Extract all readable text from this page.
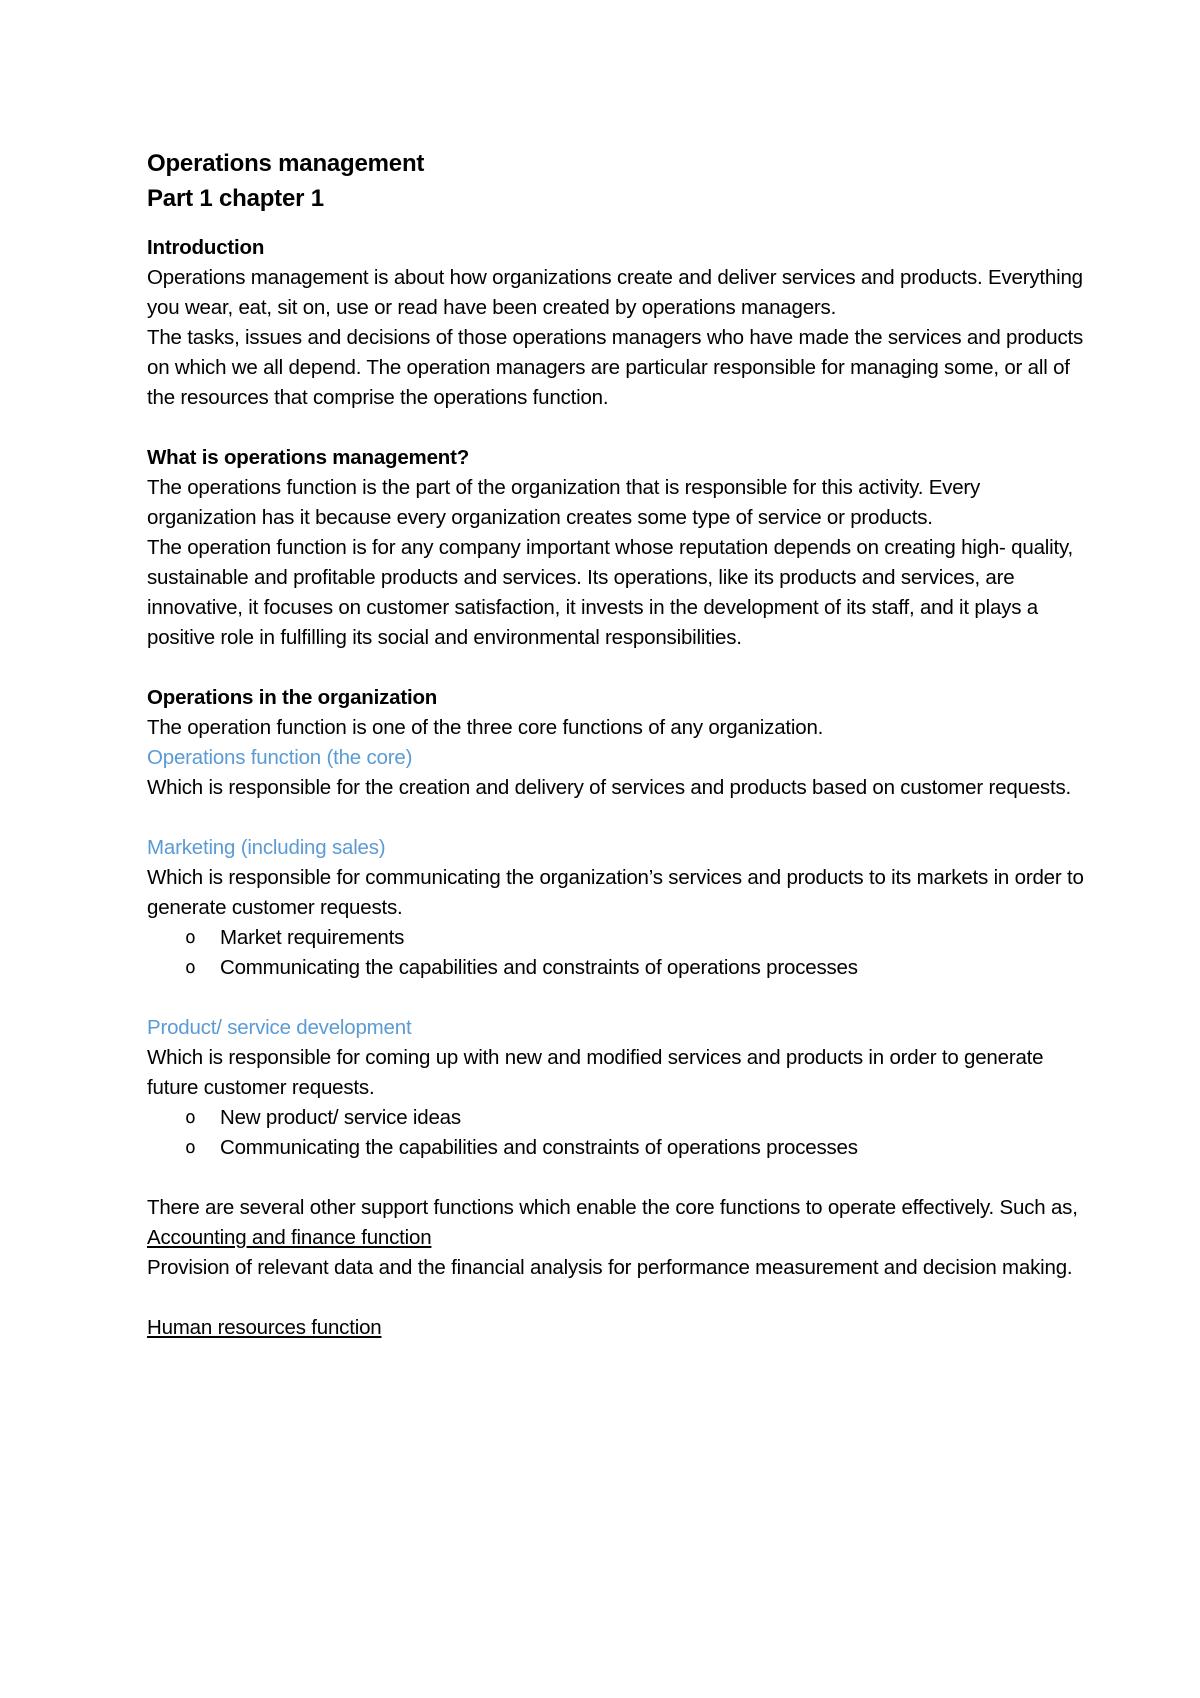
Operations management

Part 1 chapter 1

Introduction

Operations management is about how organizations create and deliver services and products. Everything you wear, eat, sit on, use or read have been created by operations managers.

The tasks, issues and decisions of those operations managers who have made the services and products on which we all depend. The operation managers are particular responsible for managing some, or all of the resources that comprise the operations function.

What is operations management?

The operations function is the part of the organization that is responsible for this activity. Every organization has it because every organization creates some type of service or products.

The operation function is for any company important whose reputation depends on creating high- quality, sustainable and profitable products and services. Its operations, like its products and services, are innovative, it focuses on customer satisfaction, it invests in the development of its staff, and it plays a positive role in fulfilling its social and environmental responsibilities.

Operations in the organization

The operation function is one of the three core functions of any organization.

Operations function (the core)

Which is responsible for the creation and delivery of services and products based on customer requests.

Marketing (including sales)

Which is responsible for communicating the organization’s services and products to its markets in order to generate customer requests.

o Market requirements
o Communicating the capabilities and constraints of operations processes

Product/ service development

Which is responsible for coming up with new and modified services and products in order to generate future customer requests.

o New product/ service ideas
o Communicating the capabilities and constraints of operations processes

There are several other support functions which enable the core functions to operate effectively. Such as,

Accounting and finance function

Provision of relevant data and the financial analysis for performance measurement and decision making.

Human resources function
